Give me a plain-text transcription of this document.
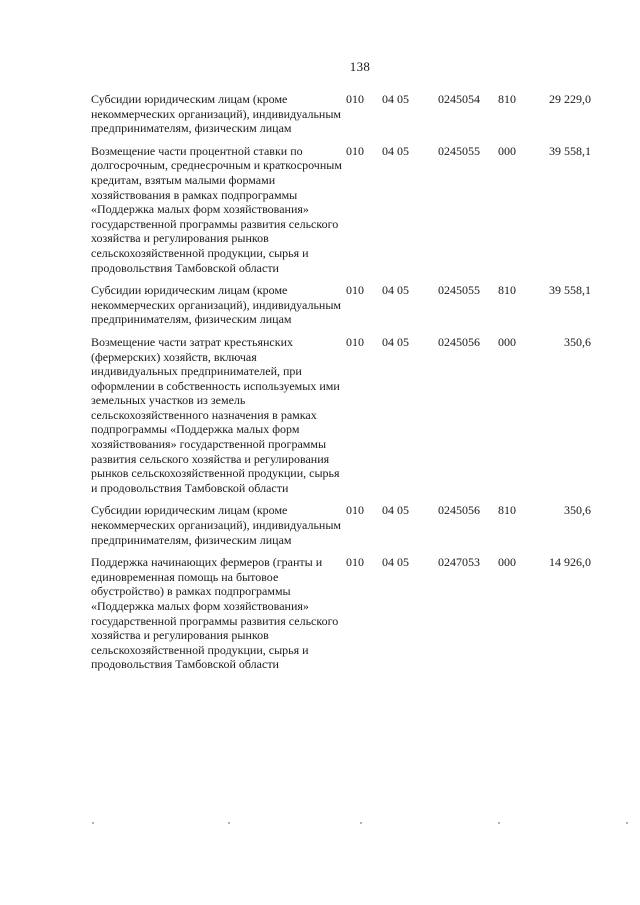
138
Субсидии юридическим лицам (кроме некоммерческих организаций), индивидуальным предпринимателям, физическим лицам	010	04 05	0245054	810	29 229,0
Возмещение части процентной ставки по долгосрочным, среднесрочным и краткосрочным кредитам, взятым малыми формами хозяйствования в рамках подпрограммы «Поддержка малых форм хозяйствования» государственной программы развития сельского хозяйства и регулирования рынков сельскохозяйственной продукции, сырья и продовольствия Тамбовской области	010	04 05	0245055	000	39 558,1
Субсидии юридическим лицам (кроме некоммерческих организаций), индивидуальным предпринимателям, физическим лицам	010	04 05	0245055	810	39 558,1
Возмещение части затрат крестьянских (фермерских) хозяйств, включая индивидуальных предпринимателей, при оформлении в собственность используемых ими земельных участков из земель сельскохозяйственного назначения в рамках подпрограммы «Поддержка малых форм хозяйствования» государственной программы развития сельского хозяйства и регулирования рынков сельскохозяйственной продукции, сырья и продовольствия Тамбовской области	010	04 05	0245056	000	350,6
Субсидии юридическим лицам (кроме некоммерческих организаций), индивидуальным предпринимателям, физическим лицам	010	04 05	0245056	810	350,6
Поддержка начинающих фермеров (гранты и единовременная помощь на бытовое обустройство) в рамках подпрограммы «Поддержка малых форм хозяйствования» государственной программы развития сельского хозяйства и регулирования рынков сельскохозяйственной продукции, сырья и продовольствия Тамбовской области	010	04 05	0247053	000	14 926,0
